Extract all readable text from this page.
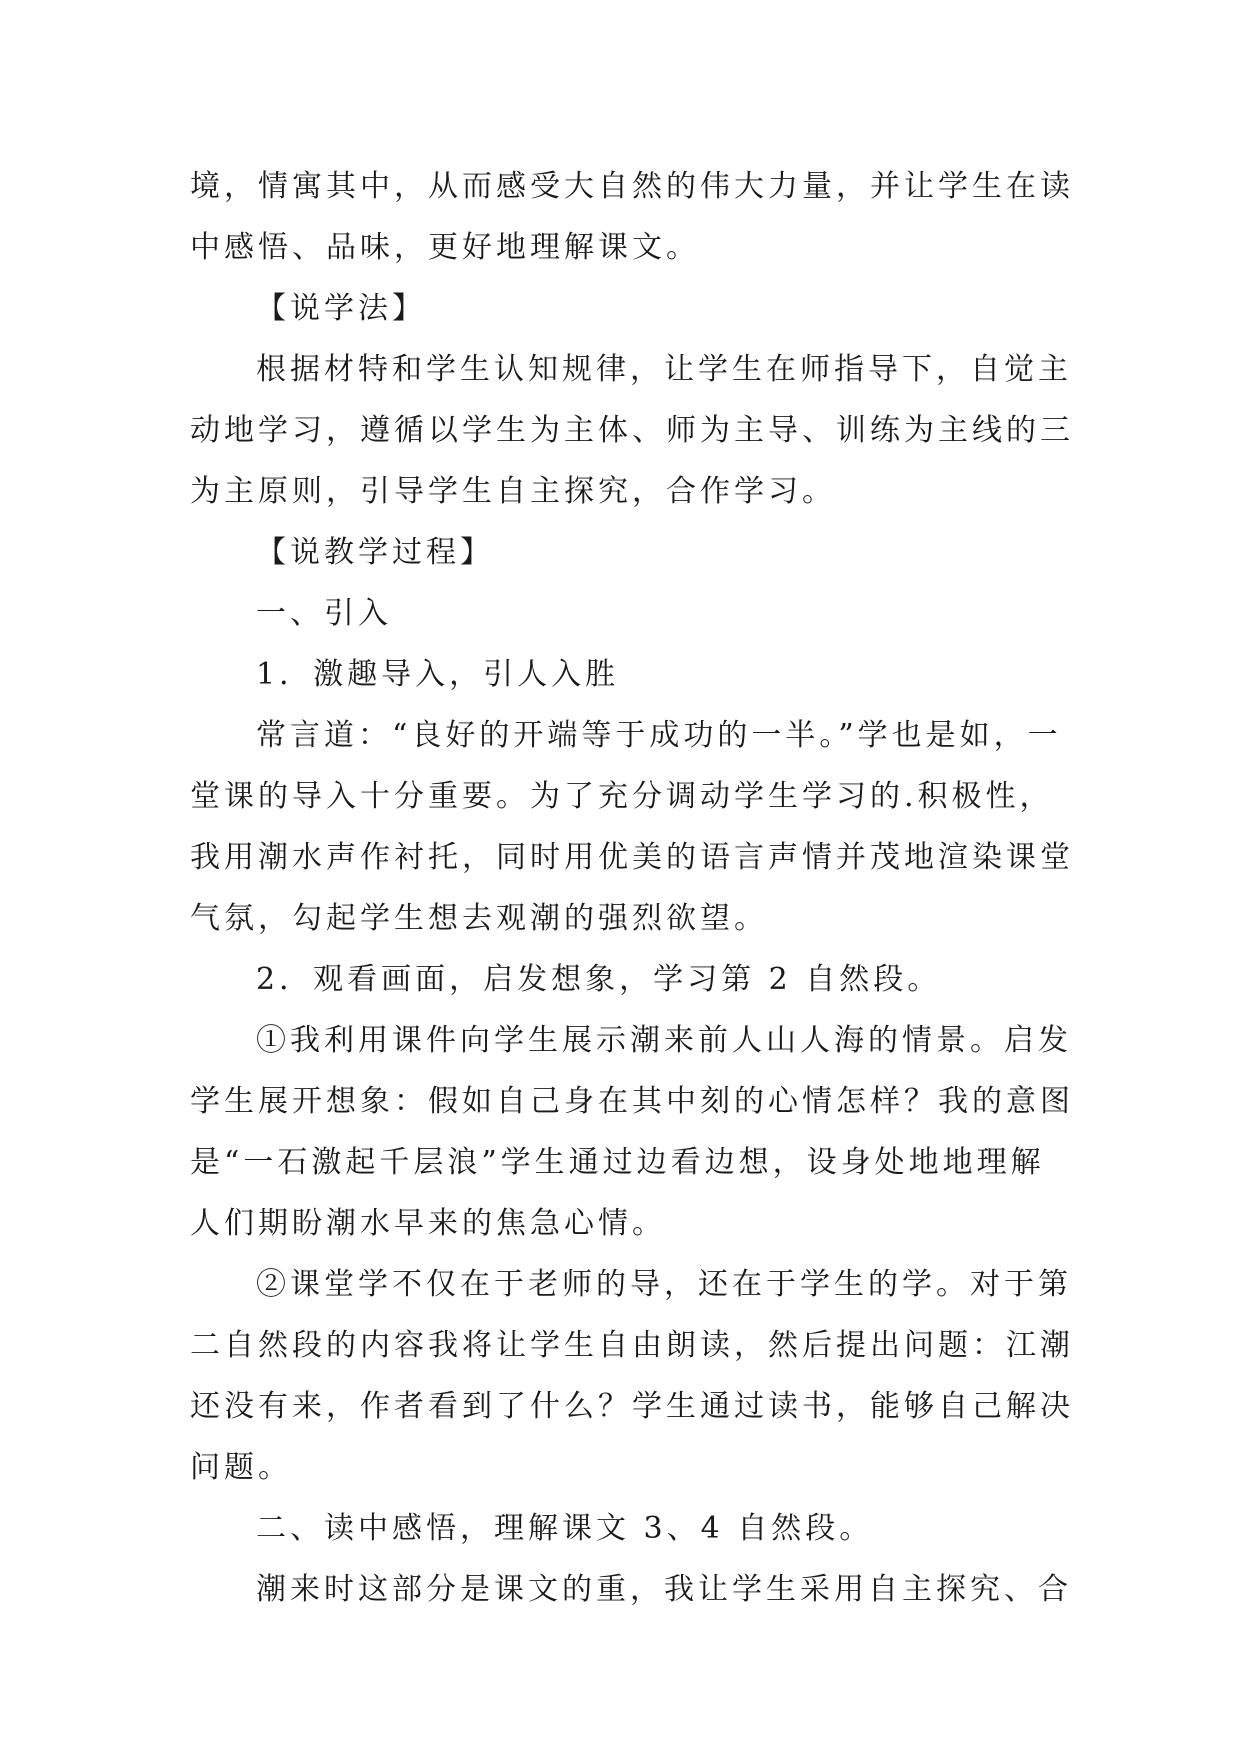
境，情寓其中，从而感受大自然的伟大力量，并让学生在读
中感悟、品味，更好地理解课文。
【说学法】
根据材特和学生认知规律，让学生在师指导下，自觉主
动地学习，遵循以学生为主体、师为主导、训练为主线的三
为主原则，引导学生自主探究，合作学习。
【说教学过程】
一、引入
1．激趣导入，引人入胜
常言道：“良好的开端等于成功的一半。”学也是如，一
堂课的导入十分重要。为了充分调动学生学习的.积极性，
我用潮水声作衬托，同时用优美的语言声情并茂地渲染课堂
气氛，勾起学生想去观潮的强烈欲望。
2．观看画面，启发想象，学习第 2 自然段。
①我利用课件向学生展示潮来前人山人海的情景。启发
学生展开想象：假如自己身在其中刻的心情怎样？我的意图
是“一石激起千层浪”学生通过边看边想，设身处地地理解
人们期盼潮水早来的焦急心情。
②课堂学不仅在于老师的导，还在于学生的学。对于第
二自然段的内容我将让学生自由朗读，然后提出问题：江潮
还没有来，作者看到了什么？学生通过读书，能够自己解决
问题。
二、读中感悟，理解课文 3、4 自然段。
潮来时这部分是课文的重，我让学生采用自主探究、合
